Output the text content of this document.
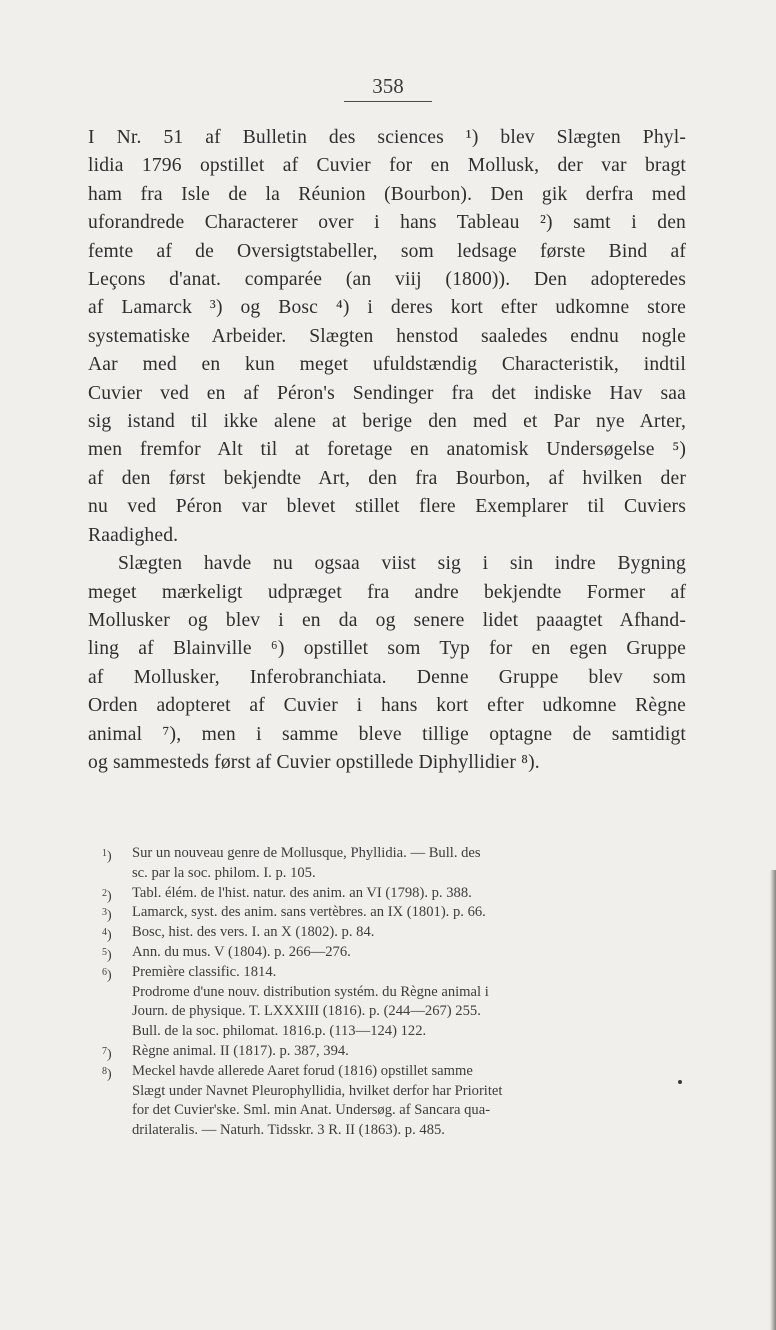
358
I Nr. 51 af Bulletin des sciences ¹) blev Slægten Phyl-
lidia 1796 opstillet af Cuvier for en Mollusk, der var bragt
ham fra Isle de la Réunion (Bourbon). Den gik derfra med
uforandrede Characterer over i hans Tableau ²) samt i den
femte af de Oversigtstabeller, som ledsage første Bind af
Leçons d'anat. comparée (an viij (1800)). Den adopteredes
af Lamarck ³) og Bosc ⁴) i deres kort efter udkomne store
systematiske Arbeider. Slægten henstod saaledes endnu nogle
Aar med en kun meget ufuldstændig Characteristik, indtil
Cuvier ved en af Péron's Sendinger fra det indiske Hav saa
sig istand til ikke alene at berige den med et Par nye Arter,
men fremfor Alt til at foretage en anatomisk Undersøgelse ⁵)
af den først bekjendte Art, den fra Bourbon, af hvilken der
nu ved Péron var blevet stillet flere Exemplarer til Cuviers
Raadighed.
Slægten havde nu ogsaa viist sig i sin indre Bygning
meget mærkeligt udpræget fra andre bekjendte Former af
Mollusker og blev i en da og senere lidet paaagtet Afhand-
ling af Blainville ⁶) opstillet som Typ for en egen Gruppe
af Mollusker, Inferobranchiata. Denne Gruppe blev som
Orden adopteret af Cuvier i hans kort efter udkomne Règne
animal ⁷), men i samme bleve tillige optagne de samtidigt
og sammesteds først af Cuvier opstillede Diphyllidier ⁸).
$^1$) Sur un nouveau genre de Mollusque, Phyllidia. — Bull. des
sc. par la soc. philom. I. p. 105.
$^2$) Tabl. élém. de l'hist. natur. des anim. an VI (1798). p. 388.
$^3$) Lamarck, syst. des anim. sans vertèbres. an IX (1801). p. 66.
$^4$) Bosc, hist. des vers. I. an X (1802). p. 84.
$^5$) Ann. du mus. V (1804). p. 266—276.
$^6$) Première classific. 1814.
Prodrome d'une nouv. distribution systém. du Règne animal i
Journ. de physique. T. LXXXIII (1816). p. (244—267) 255.
Bull. de la soc. philomat. 1816.p. (113—124) 122.
$^7$) Règne animal. II (1817). p. 387, 394.
$^8$) Meckel havde allerede Aaret forud (1816) opstillet samme
Slægt under Navnet Pleurophyllidia, hvilket derfor har Prioritet
for det Cuvier'ske. Sml. min Anat. Undersøg. af Sancara qua-
drilateralis. — Naturh. Tidsskr. 3 R. II (1863). p. 485.
